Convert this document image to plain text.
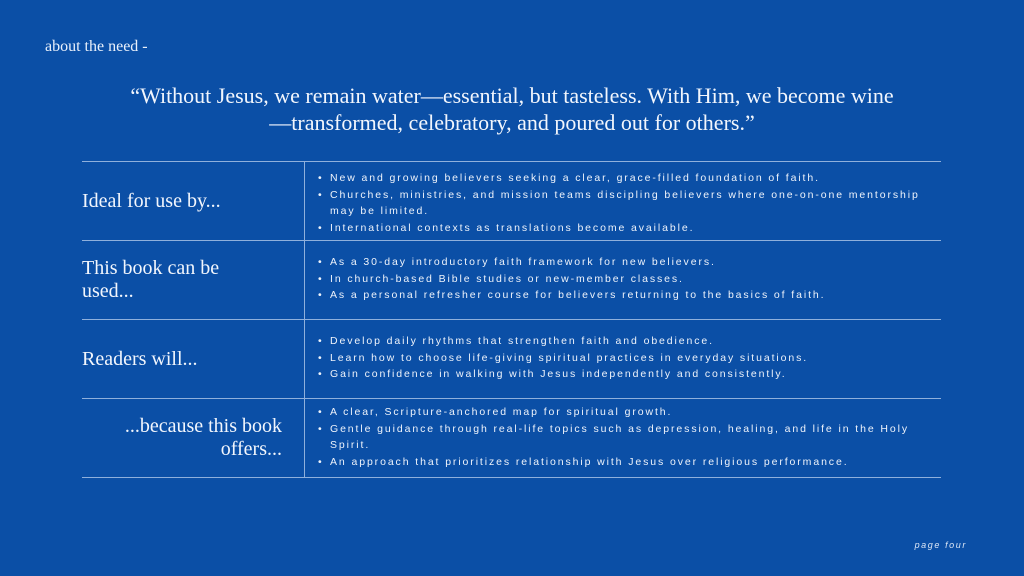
about the need -
“Without Jesus, we remain water—essential, but tasteless. With Him, we become wine—transformed, celebratory, and poured out for others.”
Ideal for use by...
• New and growing believers seeking a clear, grace-filled foundation of faith.
• Churches, ministries, and mission teams discipling believers where one-on-one mentorship may be limited.
• International contexts as translations become available.
This book can be used...
• As a 30-day introductory faith framework for new believers.
• In church-based Bible studies or new-member classes.
• As a personal refresher course for believers returning to the basics of faith.
Readers will...
• Develop daily rhythms that strengthen faith and obedience.
• Learn how to choose life-giving spiritual practices in everyday situations.
• Gain confidence in walking with Jesus independently and consistently.
...because this book offers...
• A clear, Scripture-anchored map for spiritual growth.
• Gentle guidance through real-life topics such as depression, healing, and life in the Holy Spirit.
• An approach that prioritizes relationship with Jesus over religious performance.
page four
